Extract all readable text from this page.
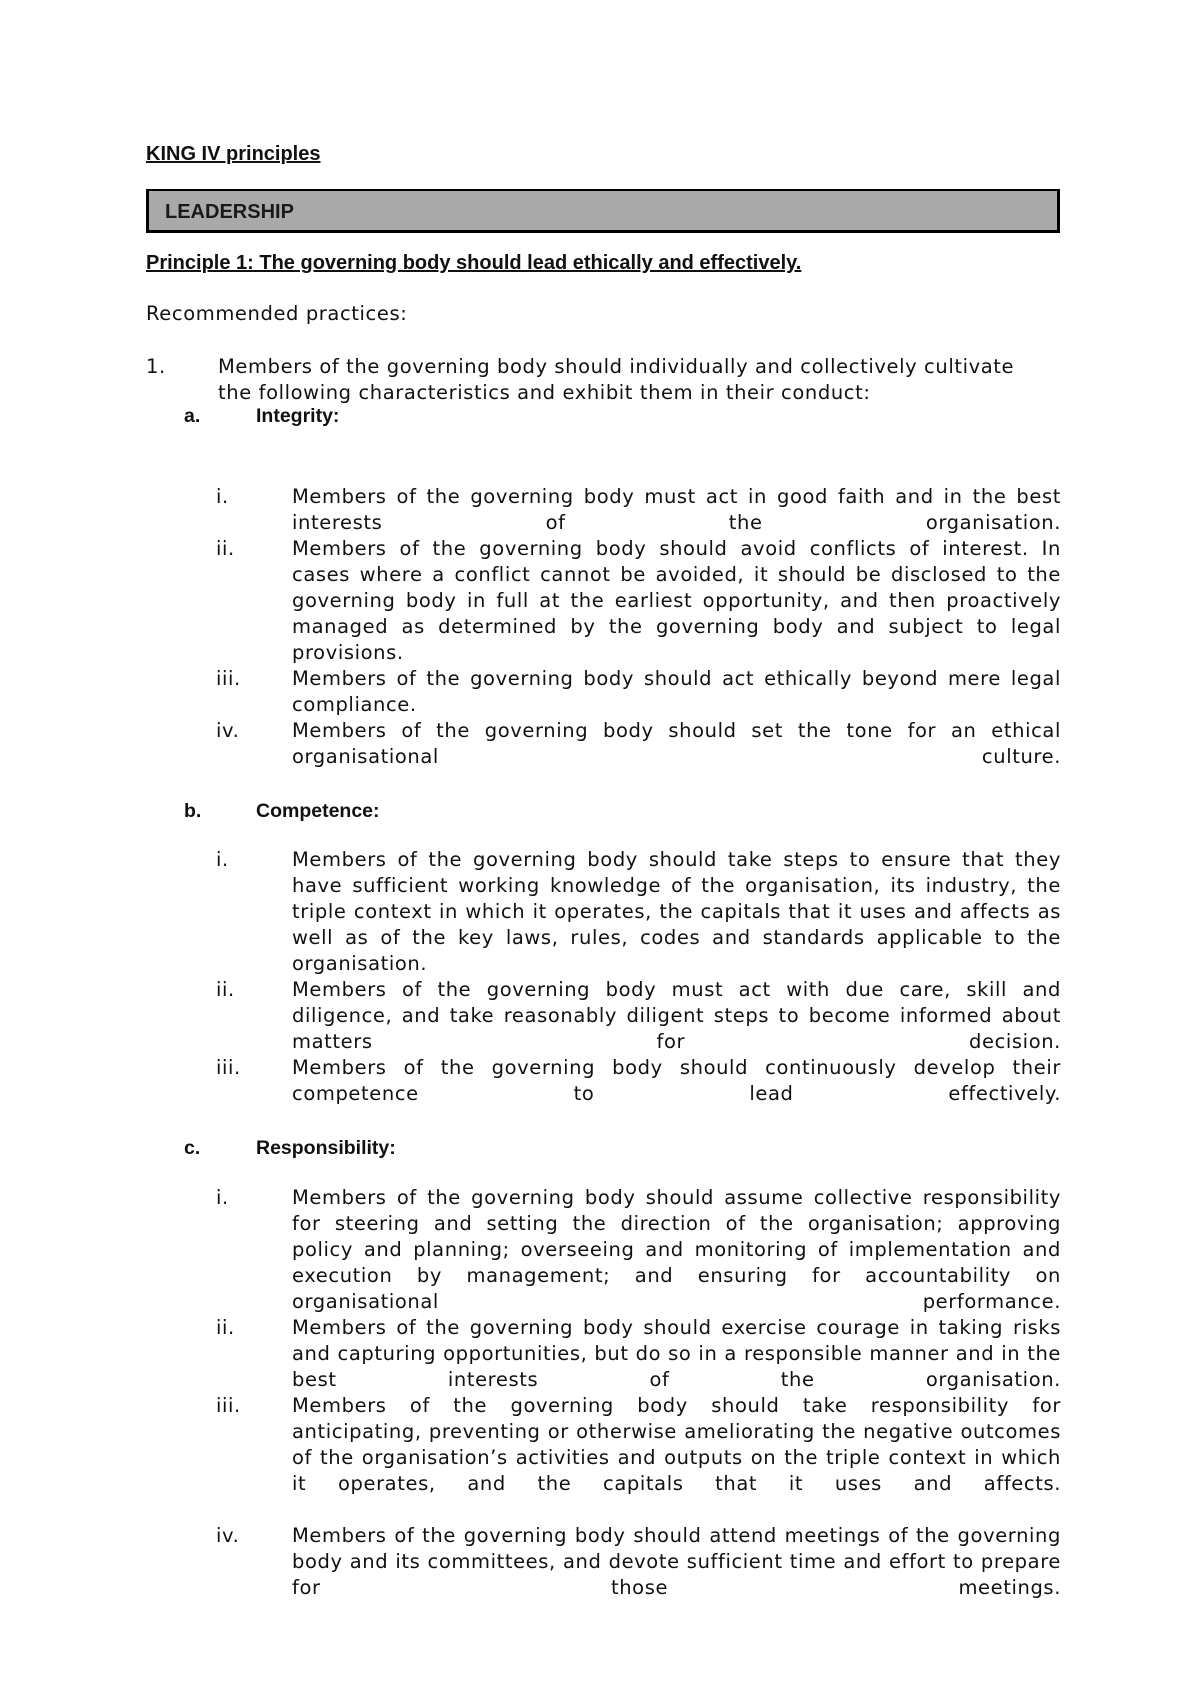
KING IV principles
LEADERSHIP
Principle 1: The governing body should lead ethically and effectively.

Recommended practices:

1.	Members of the governing body should individually and collectively cultivate the following characteristics and exhibit them in their conduct:
a.	Integrity:
i.	Members of the governing body must act in good faith and in the best interests of the organisation.
ii.	Members of the governing body should avoid conflicts of interest. In cases where a conflict cannot be avoided, it should be disclosed to the governing body in full at the earliest opportunity, and then proactively managed as determined by the governing body and subject to legal provisions.
iii.	Members of the governing body should act ethically beyond mere legal compliance.
iv.	Members of the governing body should set the tone for an ethical organisational culture.
b.	Competence:
i.	Members of the governing body should take steps to ensure that they have sufficient working knowledge of the organisation, its industry, the triple context in which it operates, the capitals that it uses and affects as well as of the key laws, rules, codes and standards applicable to the organisation.
ii.	Members of the governing body must act with due care, skill and diligence, and take reasonably diligent steps to become informed about matters for decision.
iii.	Members of the governing body should continuously develop their competence to lead effectively.
c.	Responsibility:
i.	Members of the governing body should assume collective responsibility for steering and setting the direction of the organisation; approving policy and planning; overseeing and monitoring of implementation and execution by management; and ensuring for accountability on organisational performance.
ii.	Members of the governing body should exercise courage in taking risks and capturing opportunities, but do so in a responsible manner and in the best interests of the organisation.
iii.	Members of the governing body should take responsibility for anticipating, preventing or otherwise ameliorating the negative outcomes of the organisation’s activities and outputs on the triple context in which it operates, and the capitals that it uses and affects.
iv.	Members of the governing body should attend meetings of the governing body and its committees, and devote sufficient time and effort to prepare for those meetings.
